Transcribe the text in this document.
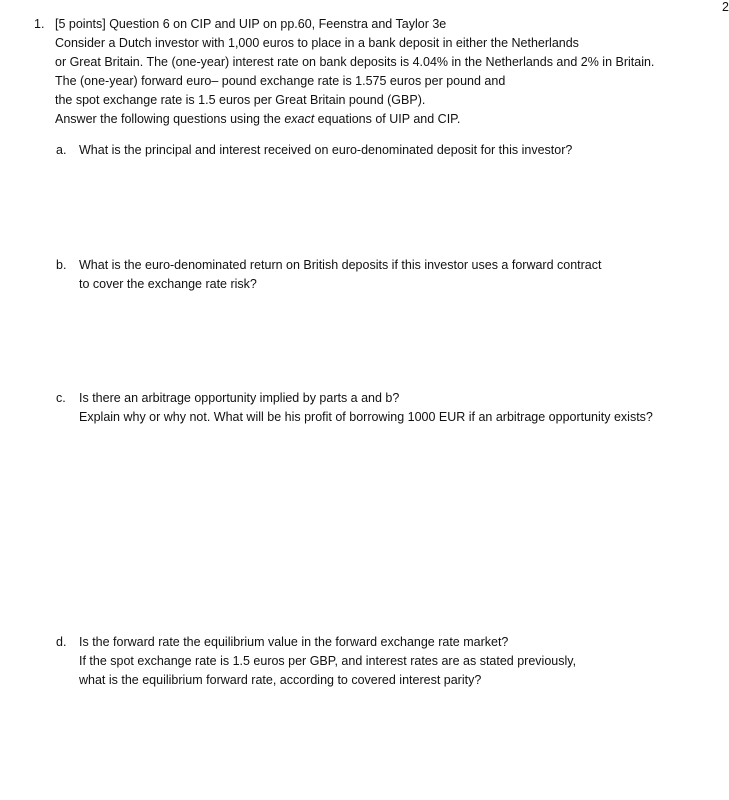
2
1. [5 points] Question 6 on CIP and UIP on pp.60, Feenstra and Taylor 3e

Consider a Dutch investor with 1,000 euros to place in a bank deposit in either the Netherlands

or Great Britain. The (one-year) interest rate on bank deposits is 4.04% in the Netherlands and 2% in Britain.

The (one-year) forward euro– pound exchange rate is 1.575 euros per pound and

the spot exchange rate is 1.5 euros per Great Britain pound (GBP).

Answer the following questions using the exact equations of UIP and CIP.

a.	What is the principal and interest received on euro-denominated deposit for this investor?

b.	What is the euro-denominated return on British deposits if this investor uses a forward contract

to cover the exchange rate risk?

c.	Is there an arbitrage opportunity implied by parts a and b?

Explain why or why not. What will be his profit of borrowing 1000 EUR if an arbitrage opportunity exists?

d.	Is the forward rate the equilibrium value in the forward exchange rate market?

If the spot exchange rate is 1.5 euros per GBP, and interest rates are as stated previously,

what is the equilibrium forward rate, according to covered interest parity?
